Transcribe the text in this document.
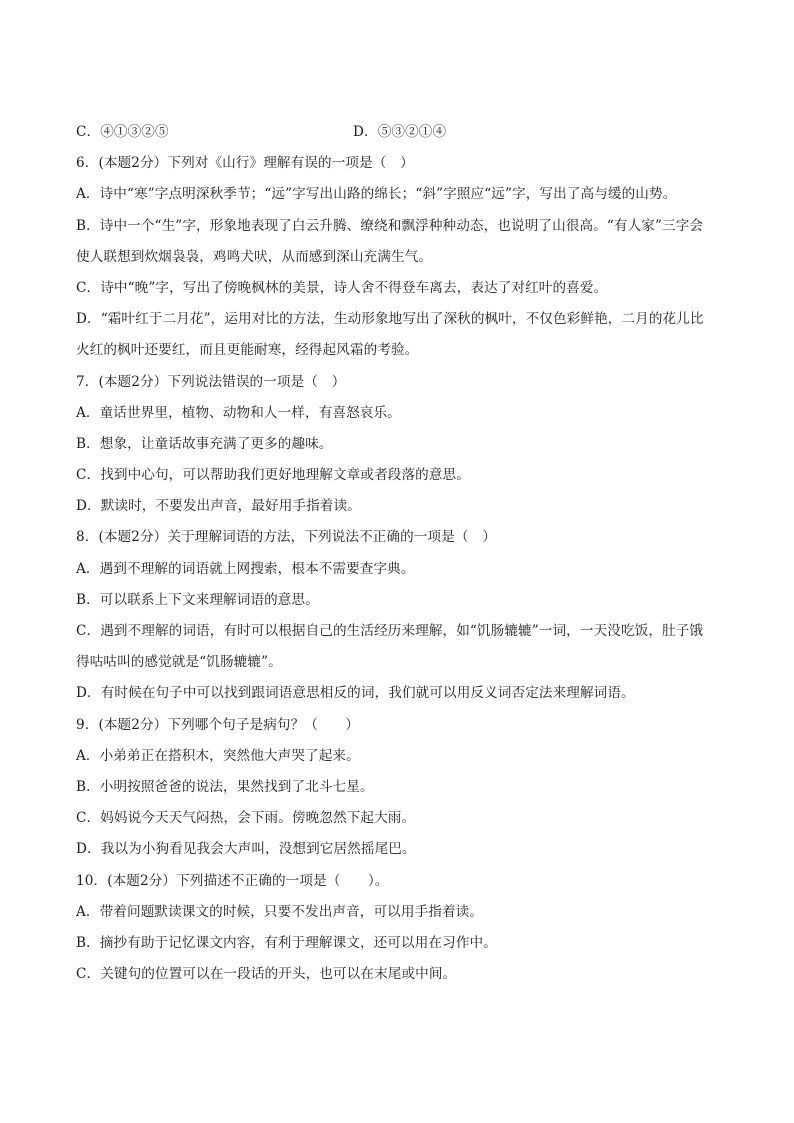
C．④①③②⑤	D．⑤③②①④
6．(本题2分）下列对《山行》理解有误的一项是（　）
A．诗中“寒”字点明深秋季节；“远”字写出山路的绵长；“斜”字照应“远”字，写出了高与缓的山势。
B．诗中一个“生”字，形象地表现了白云升腾、缭绕和飘浮种种动态，也说明了山很高。“有人家”三字会
使人联想到炊烟袅袅，鸡鸣犬吠，从而感到深山充满生气。
C．诗中“晚”字，写出了傍晚枫林的美景，诗人舍不得登车离去，表达了对红叶的喜爱。
D．“霜叶红于二月花”，运用对比的方法，生动形象地写出了深秋的枫叶，不仅色彩鲜艳，二月的花儿比
火红的枫叶还要红，而且更能耐寒，经得起风霜的考验。
7．(本题2分）下列说法错误的一项是（　）
A．童话世界里，植物、动物和人一样，有喜怒哀乐。
B．想象，让童话故事充满了更多的趣味。
C．找到中心句，可以帮助我们更好地理解文章或者段落的意思。
D．默读时，不要发出声音，最好用手指着读。
8．(本题2分）关于理解词语的方法，下列说法不正确的一项是（　）
A．遇到不理解的词语就上网搜索，根本不需要查字典。
B．可以联系上下文来理解词语的意思。
C．遇到不理解的词语，有时可以根据自己的生活经历来理解，如“饥肠辘辘”一词，一天没吃饭，肚子饿
得咕咕叫的感觉就是“饥肠辘辘”。
D．有时候在句子中可以找到跟词语意思相反的词，我们就可以用反义词否定法来理解词语。
9．(本题2分）下列哪个句子是病句？（　　）
A．小弟弟正在搭积木，突然他大声哭了起来。
B．小明按照爸爸的说法，果然找到了北斗七星。
C．妈妈说今天天气闷热，会下雨。傍晚忽然下起大雨。
D．我以为小狗看见我会大声叫，没想到它居然摇尾巴。
10．(本题2分）下列描述不正确的一项是（　　）。
A．带着问题默读课文的时候，只要不发出声音，可以用手指着读。
B．摘抄有助于记忆课文内容，有利于理解课文，还可以用在习作中。
C．关键句的位置可以在一段话的开头，也可以在末尾或中间。
